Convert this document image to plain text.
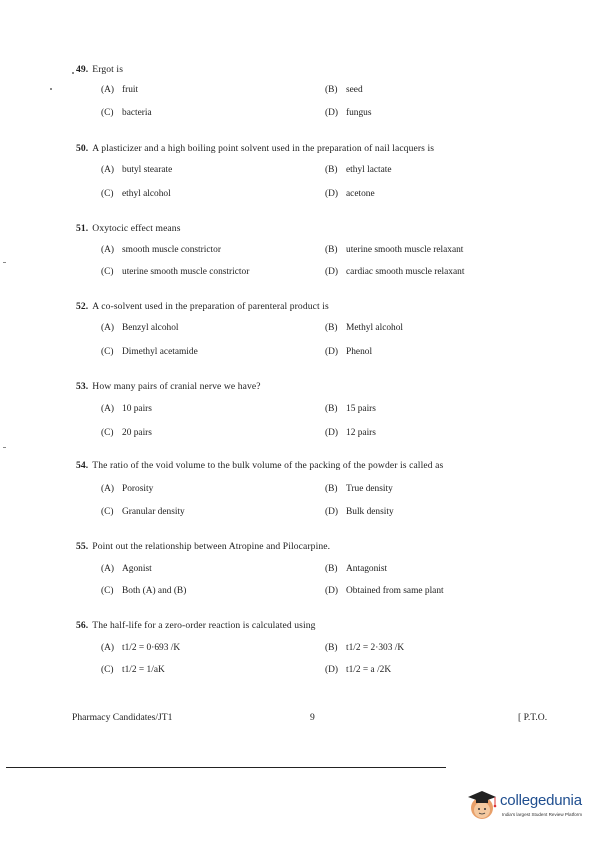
49. Ergot is
(A) fruit	(B) seed
(C) bacteria	(D) fungus
50. A plasticizer and a high boiling point solvent used in the preparation of nail lacquers is
(A) butyl stearate	(B) ethyl lactate
(C) ethyl alcohol	(D) acetone
51. Oxytocic effect means
(A) smooth muscle constrictor	(B) uterine smooth muscle relaxant
(C) uterine smooth muscle constrictor	(D) cardiac smooth muscle relaxant
52. A co-solvent used in the preparation of parenteral product is
(A) Benzyl alcohol	(B) Methyl alcohol
(C) Dimethyl acetamide	(D) Phenol
53. How many pairs of cranial nerve we have?
(A) 10 pairs	(B) 15 pairs
(C) 20 pairs	(D) 12 pairs
54. The ratio of the void volume to the bulk volume of the packing of the powder is called as
(A) Porosity	(B) True density
(C) Granular density	(D) Bulk density
55. Point out the relationship between Atropine and Pilocarpine.
(A) Agonist	(B) Antagonist
(C) Both (A) and (B)	(D) Obtained from same plant
56. The half-life for a zero-order reaction is calculated using
(A) t1/2 = 0·693 /K	(B) t1/2 = 2·303 /K
(C) t1/2 = 1/aK	(D) t1/2 = a /2K
Pharmacy Candidates/JT1	9	[ P.T.O.
collegedunia
India's largest Student Review Platform
